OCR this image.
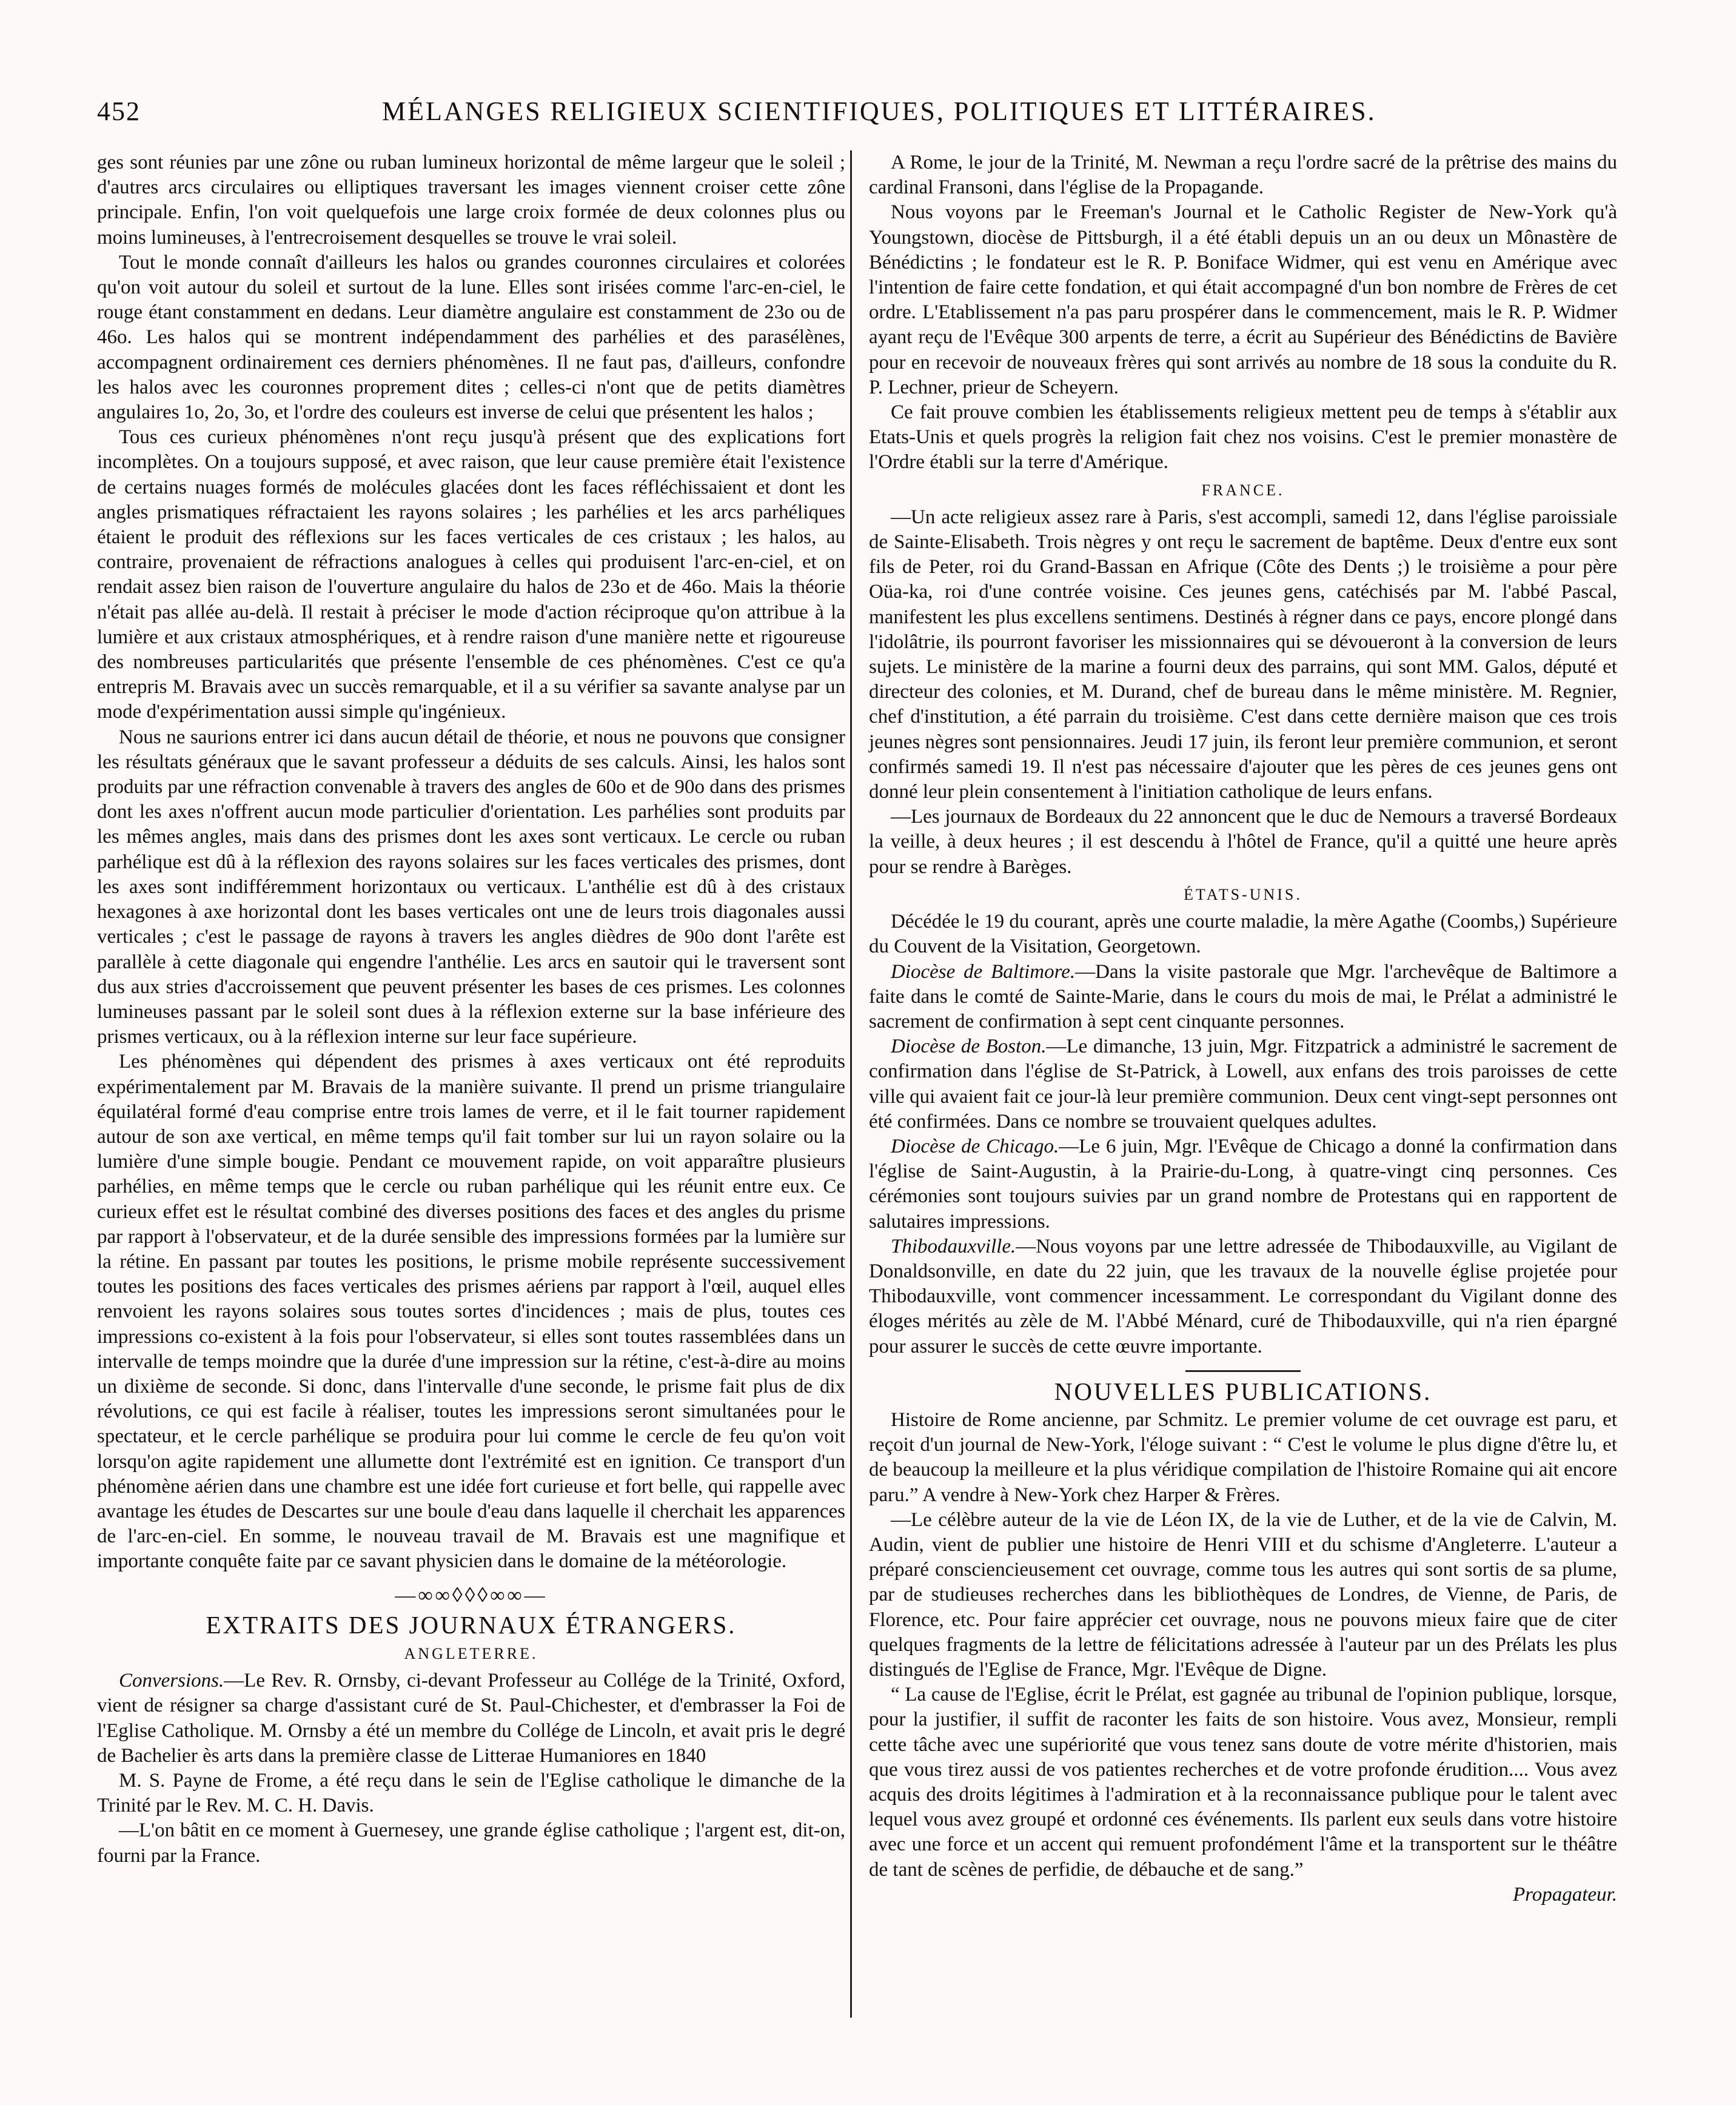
452	MÉLANGES RELIGIEUX SCIENTIFIQUES, POLITIQUES ET LITTÉRAIRES.

ges sont réunies par une zône ou ruban lumineux horizontal de même largeur que le soleil ; d'autres arcs circulaires ou elliptiques traversant les images viennent croiser cette zône principale. Enfin, l'on voit quelquefois une large croix formée de deux colonnes plus ou moins lumineuses, à l'entrecroisement desquelles se trouve le vrai soleil.

Tout le monde connaît d'ailleurs les halos ou grandes couronnes circulaires et colorées qu'on voit autour du soleil et surtout de la lune. Elles sont irisées comme l'arc-en-ciel, le rouge étant constamment en dedans. Leur diamètre angulaire est constamment de 23o ou de 46o. Les halos qui se montrent indépendamment des parhélies et des parasélènes, accompagnent ordinairement ces derniers phénomènes. Il ne faut pas, d'ailleurs, confondre les halos avec les couronnes proprement dites ; celles-ci n'ont que de petits diamètres angulaires 1o, 2o, 3o, et l'ordre des couleurs est inverse de celui que présentent les halos ;

Tous ces curieux phénomènes n'ont reçu jusqu'à présent que des explications fort incomplètes. On a toujours supposé, et avec raison, que leur cause première était l'existence de certains nuages formés de molécules glacées dont les faces réfléchissaient et dont les angles prismatiques réfractaient les rayons solaires ; les parhélies et les arcs parhéliques étaient le produit des réflexions sur les faces verticales de ces cristaux ; les halos, au contraire, provenaient de réfractions analogues à celles qui produisent l'arc-en-ciel, et on rendait assez bien raison de l'ouverture angulaire du halos de 23o et de 46o. Mais la théorie n'était pas allée au-delà. Il restait à préciser le mode d'action réciproque qu'on attribue à la lumière et aux cristaux atmosphériques, et à rendre raison d'une manière nette et rigoureuse des nombreuses particularités que présente l'ensemble de ces phénomènes. C'est ce qu'a entrepris M. Bravais avec un succès remarquable, et il a su vérifier sa savante analyse par un mode d'expérimentation aussi simple qu'ingénieux.

Nous ne saurions entrer ici dans aucun détail de théorie, et nous ne pouvons que consigner les résultats généraux que le savant professeur a déduits de ses calculs. Ainsi, les halos sont produits par une réfraction convenable à travers des angles de 60o et de 90o dans des prismes dont les axes n'offrent aucun mode particulier d'orientation. Les parhélies sont produits par les mêmes angles, mais dans des prismes dont les axes sont verticaux. Le cercle ou ruban parhélique est dû à la réflexion des rayons solaires sur les faces verticales des prismes, dont les axes sont indifféremment horizontaux ou verticaux. L'anthélie est dû à des cristaux hexagones à axe horizontal dont les bases verticales ont une de leurs trois diagonales aussi verticales ; c'est le passage de rayons à travers les angles dièdres de 90o dont l'arête est parallèle à cette diagonale qui engendre l'anthélie. Les arcs en sautoir qui le traversent sont dus aux stries d'accroissement que peuvent présenter les bases de ces prismes. Les colonnes lumineuses passant par le soleil sont dues à la réflexion externe sur la base inférieure des prismes verticaux, ou à la réflexion interne sur leur face supérieure.

Les phénomènes qui dépendent des prismes à axes verticaux ont été reproduits expérimentalement par M. Bravais de la manière suivante. Il prend un prisme triangulaire équilatéral formé d'eau comprise entre trois lames de verre, et il le fait tourner rapidement autour de son axe vertical, en même temps qu'il fait tomber sur lui un rayon solaire ou la lumière d'une simple bougie. Pendant ce mouvement rapide, on voit apparaître plusieurs parhélies, en même temps que le cercle ou ruban parhélique qui les réunit entre eux. Ce curieux effet est le résultat combiné des diverses positions des faces et des angles du prisme par rapport à l'observateur, et de la durée sensible des impressions formées par la lumière sur la rétine. En passant par toutes les positions, le prisme mobile représente successivement toutes les positions des faces verticales des prismes aériens par rapport à l'œil, auquel elles renvoient les rayons solaires sous toutes sortes d'incidences ; mais de plus, toutes ces impressions co-existent à la fois pour l'observateur, si elles sont toutes rassemblées dans un intervalle de temps moindre que la durée d'une impression sur la rétine, c'est-à-dire au moins un dixième de seconde. Si donc, dans l'intervalle d'une seconde, le prisme fait plus de dix révolutions, ce qui est facile à réaliser, toutes les impressions seront simultanées pour le spectateur, et le cercle parhélique se produira pour lui comme le cercle de feu qu'on voit lorsqu'on agite rapidement une allumette dont l'extrémité est en ignition. Ce transport d'un phénomène aérien dans une chambre est une idée fort curieuse et fort belle, qui rappelle avec avantage les études de Descartes sur une boule d'eau dans laquelle il cherchait les apparences de l'arc-en-ciel. En somme, le nouveau travail de M. Bravais est une magnifique et importante conquête faite par ce savant physicien dans le domaine de la météorologie.

—∞∞◊◊◊∞∞—
EXTRAITS DES JOURNAUX ÉTRANGERS.
ANGLETERRE.

Conversions.—Le Rev. R. Ornsby, ci-devant Professeur au Collége de la Trinité, Oxford, vient de résigner sa charge d'assistant curé de St. Paul-Chichester, et d'embrasser la Foi de l'Eglise Catholique. M. Ornsby a été un membre du Collége de Lincoln, et avait pris le degré de Bachelier ès arts dans la première classe de Litterae Humaniores en 1840

M. S. Payne de Frome, a été reçu dans le sein de l'Eglise catholique le dimanche de la Trinité par le Rev. M. C. H. Davis.

—L'on bâtit en ce moment à Guernesey, une grande église catholique ; l'argent est, dit-on, fourni par la France.

A Rome, le jour de la Trinité, M. Newman a reçu l'ordre sacré de la prêtrise des mains du cardinal Fransoni, dans l'église de la Propagande.

Nous voyons par le Freeman's Journal et le Catholic Register de New-York qu'à Youngstown, diocèse de Pittsburgh, il a été établi depuis un an ou deux un Mônastère de Bénédictins ; le fondateur est le R. P. Boniface Widmer, qui est venu en Amérique avec l'intention de faire cette fondation, et qui était accompagné d'un bon nombre de Frères de cet ordre. L'Etablissement n'a pas paru prospérer dans le commencement, mais le R. P. Widmer ayant reçu de l'Evêque 300 arpents de terre, a écrit au Supérieur des Bénédictins de Bavière pour en recevoir de nouveaux frères qui sont arrivés au nombre de 18 sous la conduite du R. P. Lechner, prieur de Scheyern.

Ce fait prouve combien les établissements religieux mettent peu de temps à s'établir aux Etats-Unis et quels progrès la religion fait chez nos voisins. C'est le premier monastère de l'Ordre établi sur la terre d'Amérique.

FRANCE.

—Un acte religieux assez rare à Paris, s'est accompli, samedi 12, dans l'église paroissiale de Sainte-Elisabeth. Trois nègres y ont reçu le sacrement de baptême. Deux d'entre eux sont fils de Peter, roi du Grand-Bassan en Afrique (Côte des Dents ;) le troisième a pour père Oüa-ka, roi d'une contrée voisine. Ces jeunes gens, catéchisés par M. l'abbé Pascal, manifestent les plus excellens sentimens. Destinés à régner dans ce pays, encore plongé dans l'idolâtrie, ils pourront favoriser les missionnaires qui se dévoueront à la conversion de leurs sujets. Le ministère de la marine a fourni deux des parrains, qui sont MM. Galos, député et directeur des colonies, et M. Durand, chef de bureau dans le même ministère. M. Regnier, chef d'institution, a été parrain du troisième. C'est dans cette dernière maison que ces trois jeunes nègres sont pensionnaires. Jeudi 17 juin, ils feront leur première communion, et seront confirmés samedi 19. Il n'est pas nécessaire d'ajouter que les pères de ces jeunes gens ont donné leur plein consentement à l'initiation catholique de leurs enfans.

—Les journaux de Bordeaux du 22 annoncent que le duc de Nemours a traversé Bordeaux la veille, à deux heures ; il est descendu à l'hôtel de France, qu'il a quitté une heure après pour se rendre à Barèges.

ÉTATS-UNIS.

Décédée le 19 du courant, après une courte maladie, la mère Agathe (Coombs,) Supérieure du Couvent de la Visitation, Georgetown.

Diocèse de Baltimore.—Dans la visite pastorale que Mgr. l'archevêque de Baltimore a faite dans le comté de Sainte-Marie, dans le cours du mois de mai, le Prélat a administré le sacrement de confirmation à sept cent cinquante personnes.

Diocèse de Boston.—Le dimanche, 13 juin, Mgr. Fitzpatrick a administré le sacrement de confirmation dans l'église de St-Patrick, à Lowell, aux enfans des trois paroisses de cette ville qui avaient fait ce jour-là leur première communion. Deux cent vingt-sept personnes ont été confirmées. Dans ce nombre se trouvaient quelques adultes.

Diocèse de Chicago.—Le 6 juin, Mgr. l'Evêque de Chicago a donné la confirmation dans l'église de Saint-Augustin, à la Prairie-du-Long, à quatre-vingt cinq personnes. Ces cérémonies sont toujours suivies par un grand nombre de Protestans qui en rapportent de salutaires impressions.

Thibodauxville.—Nous voyons par une lettre adressée de Thibodauxville, au Vigilant de Donaldsonville, en date du 22 juin, que les travaux de la nouvelle église projetée pour Thibodauxville, vont commencer incessamment. Le correspondant du Vigilant donne des éloges mérités au zèle de M. l'Abbé Ménard, curé de Thibodauxville, qui n'a rien épargné pour assurer le succès de cette œuvre importante.

NOUVELLES PUBLICATIONS.

Histoire de Rome ancienne, par Schmitz. Le premier volume de cet ouvrage est paru, et reçoit d'un journal de New-York, l'éloge suivant : “ C'est le volume le plus digne d'être lu, et de beaucoup la meilleure et la plus véridique compilation de l'histoire Romaine qui ait encore paru.” A vendre à New-York chez Harper & Frères.

—Le célèbre auteur de la vie de Léon IX, de la vie de Luther, et de la vie de Calvin, M. Audin, vient de publier une histoire de Henri VIII et du schisme d'Angleterre. L'auteur a préparé consciencieusement cet ouvrage, comme tous les autres qui sont sortis de sa plume, par de studieuses recherches dans les bibliothèques de Londres, de Vienne, de Paris, de Florence, etc. Pour faire apprécier cet ouvrage, nous ne pouvons mieux faire que de citer quelques fragments de la lettre de félicitations adressée à l'auteur par un des Prélats les plus distingués de l'Eglise de France, Mgr. l'Evêque de Digne.

“ La cause de l'Eglise, écrit le Prélat, est gagnée au tribunal de l'opinion publique, lorsque, pour la justifier, il suffit de raconter les faits de son histoire. Vous avez, Monsieur, rempli cette tâche avec une supériorité que vous tenez sans doute de votre mérite d'historien, mais que vous tirez aussi de vos patientes recherches et de votre profonde érudition.... Vous avez acquis des droits légitimes à l'admiration et à la reconnaissance publique pour le talent avec lequel vous avez groupé et ordonné ces événements. Ils parlent eux seuls dans votre histoire avec une force et un accent qui remuent profondément l'âme et la transportent sur le théâtre de tant de scènes de perfidie, de débauche et de sang.”

Propagateur.
